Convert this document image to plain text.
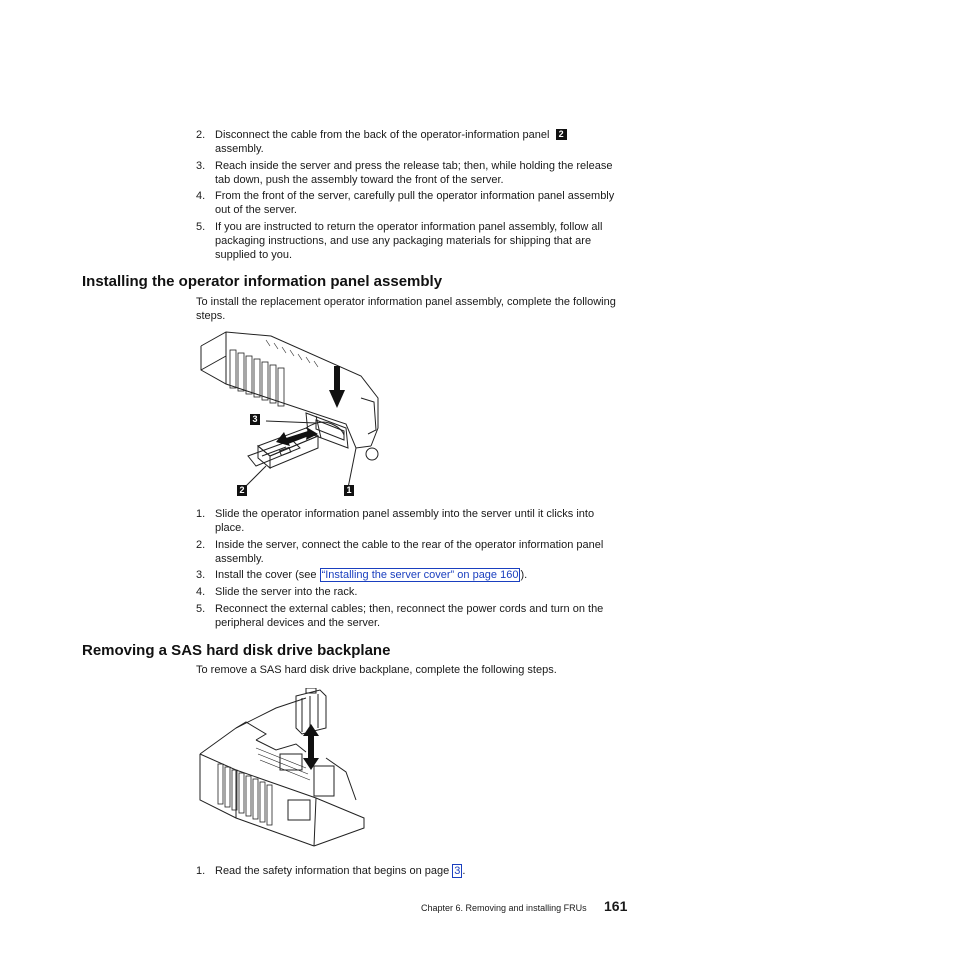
2. Disconnect the cable from the back of the operator-information panel 2
assembly.
3. Reach inside the server and press the release tab; then, while holding the release tab down, push the assembly toward the front of the server.
4. From the front of the server, carefully pull the operator information panel assembly out of the server.
5. If you are instructed to return the operator information panel assembly, follow all packaging instructions, and use any packaging materials for shipping that are supplied to you.
Installing the operator information panel assembly
To install the replacement operator information panel assembly, complete the following steps.
3
2	1
1. Slide the operator information panel assembly into the server until it clicks into place.
2. Inside the server, connect the cable to the rear of the operator information panel assembly.
3. Install the cover (see “Installing the server cover” on page 160 ).
4. Slide the server into the rack.
5. Reconnect the external cables; then, reconnect the power cords and turn on the peripheral devices and the server.
Removing a SAS hard disk drive backplane
To remove a SAS hard disk drive backplane, complete the following steps.
1. Read the safety information that begins on page 3 .
Chapter 6. Removing and installing FRUs 161
